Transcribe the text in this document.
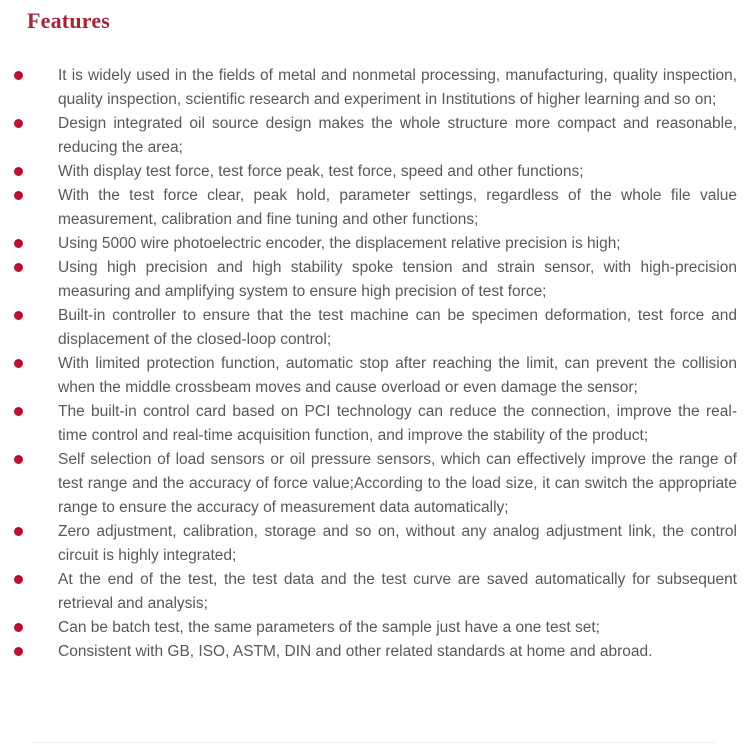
Features
It is widely used in the fields of metal and nonmetal processing, manufacturing, quality inspection, quality inspection, scientific research and experiment in Institutions of higher learning and so on;
Design integrated oil source design makes the whole structure more compact and reasonable, reducing the area;
With display test force, test force peak, test force, speed and other functions;
With the test force clear, peak hold, parameter settings, regardless of the whole file value measurement, calibration and fine tuning and other functions;
Using 5000 wire photoelectric encoder, the displacement relative precision is high;
Using high precision and high stability spoke tension and strain sensor, with high-precision measuring and amplifying system to ensure high precision of test force;
Built-in controller to ensure that the test machine can be specimen deformation, test force and displacement of the closed-loop control;
With limited protection function, automatic stop after reaching the limit, can prevent the collision when the middle crossbeam moves and cause overload or even damage the sensor;
The built-in control card based on PCI technology can reduce the connection, improve the real-time control and real-time acquisition function, and improve the stability of the product;
Self selection of load sensors or oil pressure sensors, which can effectively improve the range of test range and the accuracy of force value;According to the load size, it can switch the appropriate range to ensure the accuracy of measurement data automatically;
Zero adjustment, calibration, storage and so on, without any analog adjustment link, the control circuit is highly integrated;
At the end of the test, the test data and the test curve are saved automatically for subsequent retrieval and analysis;
Can be batch test, the same parameters of the sample just have a one test set;
Consistent with GB, ISO, ASTM, DIN and other related standards at home and abroad.
